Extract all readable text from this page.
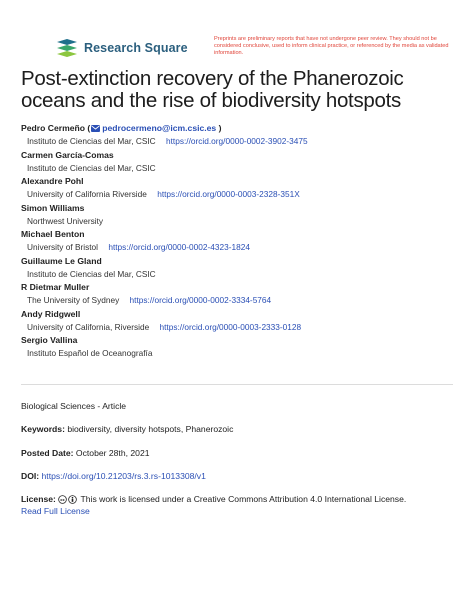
Research Square
Preprints are preliminary reports that have not undergone peer review. They should not be considered conclusive, used to inform clinical practice, or referenced by the media as validated information.
Post-extinction recovery of the Phanerozoic oceans and the rise of biodiversity hotspots
Pedro Cermeño ( pedrocermeno@icm.csic.es )
Instituto de Ciencias del Mar, CSIC https://orcid.org/0000-0002-3902-3475
Carmen García-Comas
Instituto de Ciencias del Mar, CSIC
Alexandre Pohl
University of California Riverside https://orcid.org/0000-0003-2328-351X
Simon Williams
Northwest University
Michael Benton
University of Bristol https://orcid.org/0000-0002-4323-1824
Guillaume Le Gland
Instituto de Ciencias del Mar, CSIC
R Dietmar Muller
The University of Sydney https://orcid.org/0000-0002-3334-5764
Andy Ridgwell
University of California, Riverside https://orcid.org/0000-0003-2333-0128
Sergio Vallina
Instituto Español de Oceanografía
Biological Sciences - Article
Keywords: biodiversity, diversity hotspots, Phanerozoic
Posted Date: October 28th, 2021
DOI: https://doi.org/10.21203/rs.3.rs-1013308/v1
License: cc This work is licensed under a Creative Commons Attribution 4.0 International License.
Read Full License
